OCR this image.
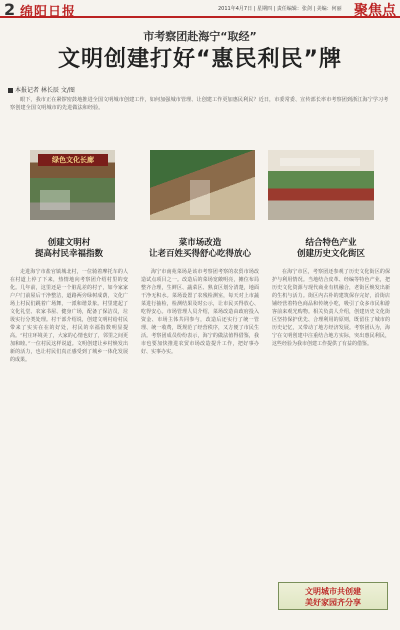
2 绵阳日报	2011年4月7日 | 星期四 | 责任编辑：张剑 | 美编：何丽 聚焦点
市考察团赴海宁“取经”
文明创建打好“惠民利民”牌
本报记者 林长辰 文/图

眼下，我市正在紧锣密鼓地推进全国文明城市创建工作，如何加强城市管理、让创建工作更加惠民利民？近日，市委常委、宣传部长率市考察团到浙江海宁学习考察创建全国文明城市的先进做法和经验。

绿色文化长廊
创建文明村
提高村民幸福指数

走进海宁市盐官镇城北村，一位骑着摩托车的人在村道上停了下来，热情地向考察团介绍村里的变化。几年前，这里还是一个脏乱差的村子，如今家家户户门前屋后干净整洁，道路两旁绿树成荫，文化广场上村民们跳着广场舞，一派和谐景象。村里建起了文化礼堂、农家书屋、健身广场，配备了保洁员，垃圾实行分类处理。村干部介绍说，创建文明村给村民带来了实实在在的好处，村民的幸福指数明显提高。“村庄环境美了，大家的心情也好了，邻里之间更加和睦。”一位村民这样说道。文明创建让乡村焕发出新的活力，也让村民们真正感受到了城乡一体化发展的成果。

菜市场改造
让老百姓买得舒心吃得放心

海宁市南苑菜场是该市考察团考察的农贸市场改造试点项目之一。改造后的菜场宽敞明亮，摊位布局整齐合理，生鲜区、蔬菜区、熟食区划分清楚，地面干净无积水。菜场设置了农残检测室，每天对上市蔬菜进行抽检，检测结果及时公示，让市民买得放心、吃得安心。市场管理人员介绍，菜场改造由政府投入资金、市场主体共同参与，改造后还实行了统一管理、统一收费，既规范了经营秩序，又方便了市民生活。考察团成员纷纷表示，海宁的做法值得借鉴，我市也要加快推进农贸市场改造提升工作，把好事办好、实事办实。

结合特色产业
创建历史文化街区

在海宁市区，考察团还参观了历史文化街区的保护与利用情况。当地结合皮革、经编等特色产业，把历史文化资源与现代商业有机融合，老街区焕发出新的生机与活力。街区内古朴的建筑保存完好，沿街店铺经营着特色商品和传统小吃，吸引了众多市民和游客前来观光购物。相关负责人介绍，创建历史文化街区坚持保护优先、合理利用的原则，既留住了城市的历史记忆，又带动了地方经济发展。考察团认为，海宁在文明创建中注重结合地方实际，突出惠民利民，这些经验为我市创建工作提供了有益的借鉴。

文明城市共创建
美好家园齐分享
